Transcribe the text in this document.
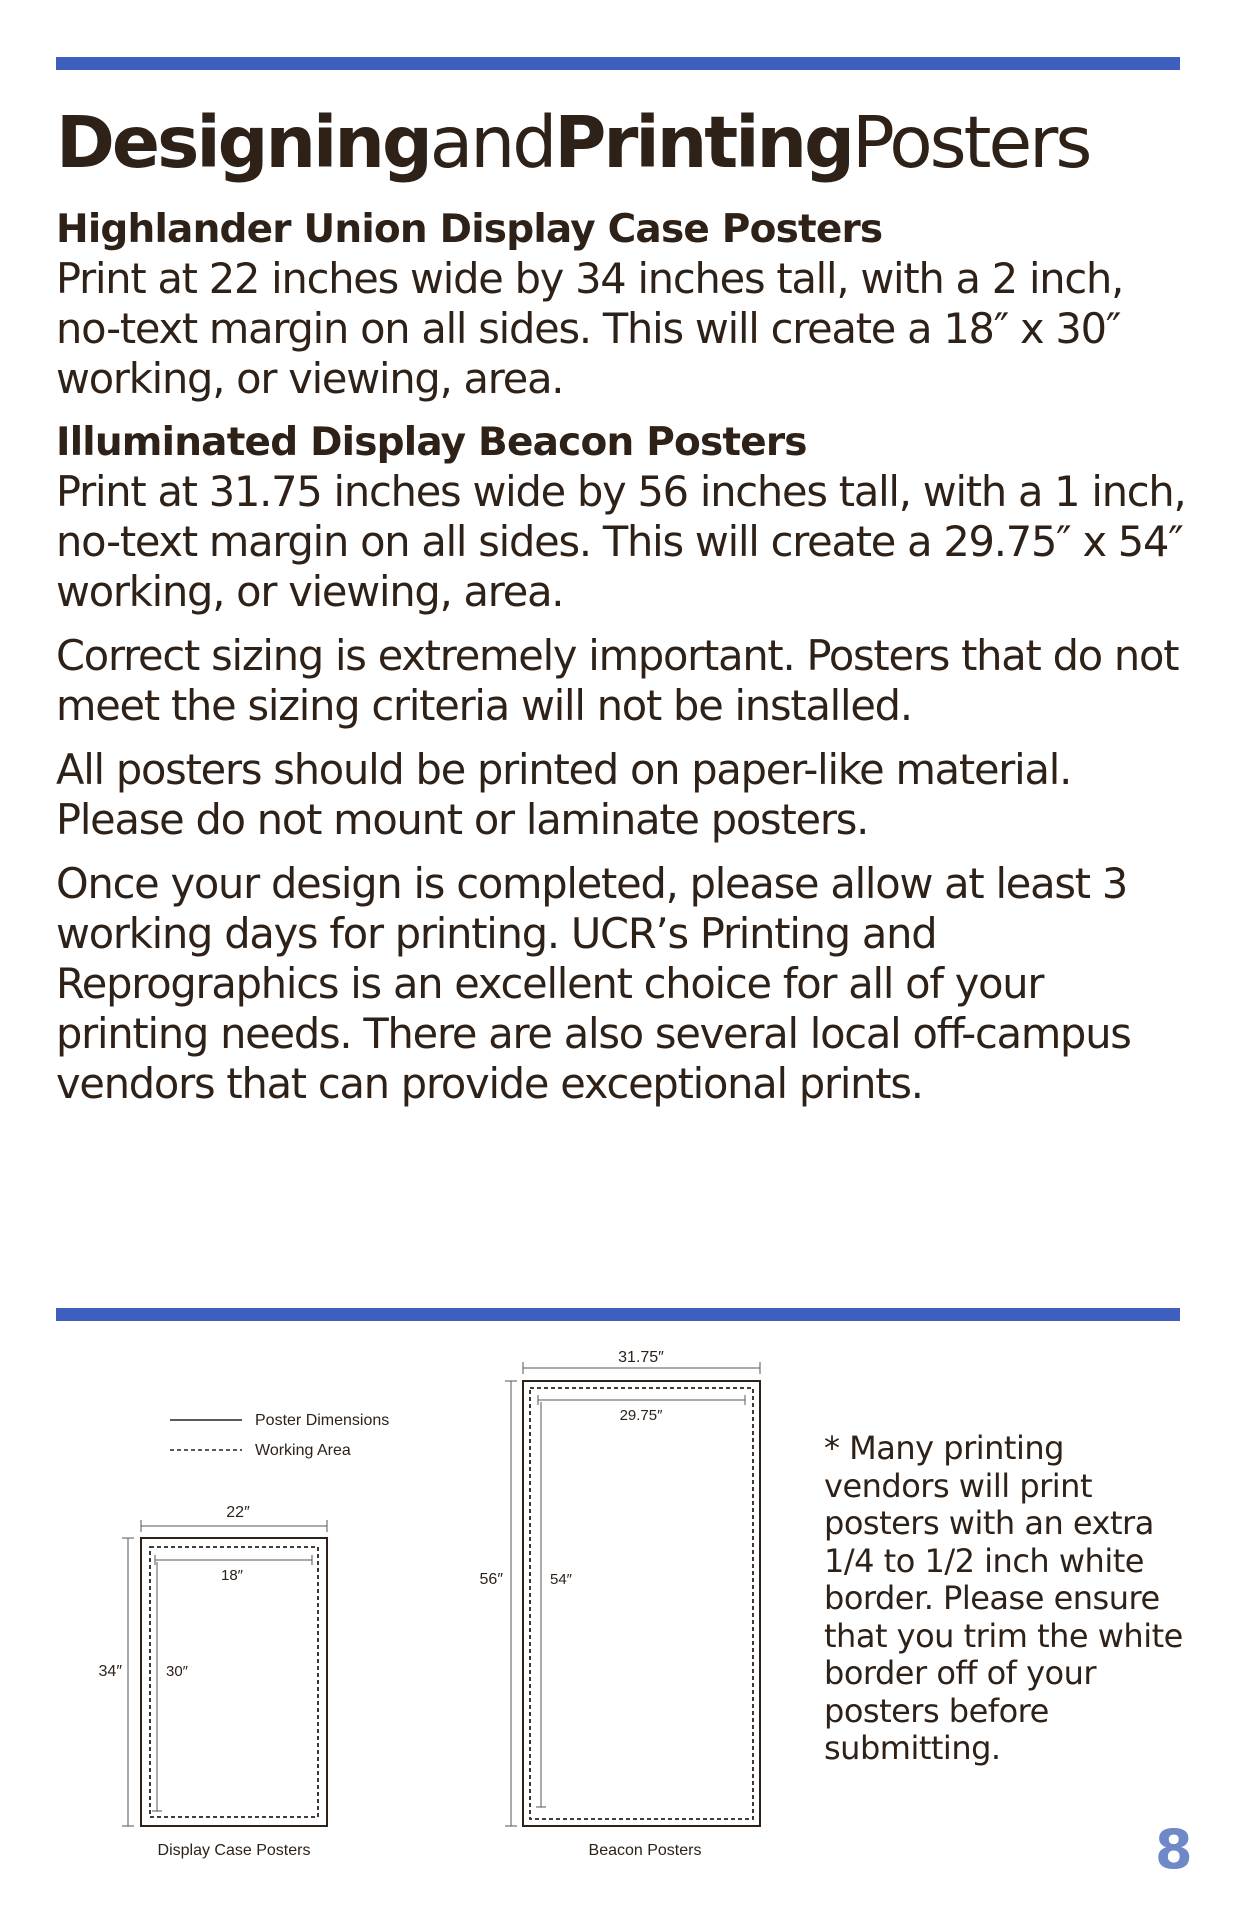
DesigningandPrintingPosters

Highlander Union Display Case Posters

Print at 22 inches wide by 34 inches tall, with a 2 inch, no-text margin on all sides. This will create a 18″ x 30″ working, or viewing, area.

Illuminated Display Beacon Posters

Print at 31.75 inches wide by 56 inches tall, with a 1 inch, no-text margin on all sides. This will create a 29.75″ x 54″ working, or viewing, area.

Correct sizing is extremely important. Posters that do not meet the sizing criteria will not be installed.

All posters should be printed on paper-like material. Please do not mount or laminate posters.

Once your design is completed, please allow at least 3 working days for printing. UCR’s Printing and Reprographics is an excellent choice for all of your printing needs. There are also several local off-campus vendors that can provide exceptional prints.

Poster Dimensions
Working Area
22″
34″
18″
30″
Display Case Posters
31.75″
56″
29.75″
54″
Beacon Posters

* Many printing vendors will print posters with an extra 1/4 to 1/2 inch white border. Please ensure that you trim the white border off of your posters before submitting.

8
